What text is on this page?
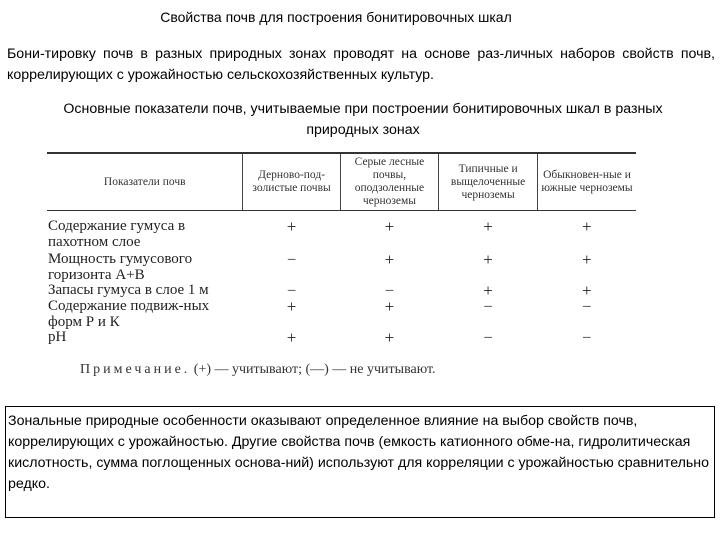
Свойства почв для построения бонитировочных шкал
Бони-тировку почв в разных природных зонах проводят на основе раз-личных наборов свойств почв, коррелирующих с урожайностью сельскохозяйственных культур.
Основные показатели почв, учитываемые при построении бонитировочных шкал в разных природных зонах
Показатели почв	Дерново-под-золистые почвы	Серые лесные почвы, оподзоленные черноземы	Типичные и выщелоченные черноземы	Обыкновен-ные и южные черноземы
Содержание гумуса в пахотном слое	+	+	+	+
Мощность гумусового горизонта А+В	–	+	+	+
Запасы гумуса в слое 1 м	–	–	+	+
Содержание подвиж-ных форм Р и К	+	+	–	–
pH	+	+	–	–
Примечание. (+) — учитывают; (—) — не учитывают.

Зональные природные особенности оказывают определенное влияние на выбор свойств почв, коррелирующих с урожайностью. Другие свойства почв (емкость катионного обме-на, гидролитическая кислотность, сумма поглощенных основа-ний) используют для корреляции с урожайностью сравнительно редко.
